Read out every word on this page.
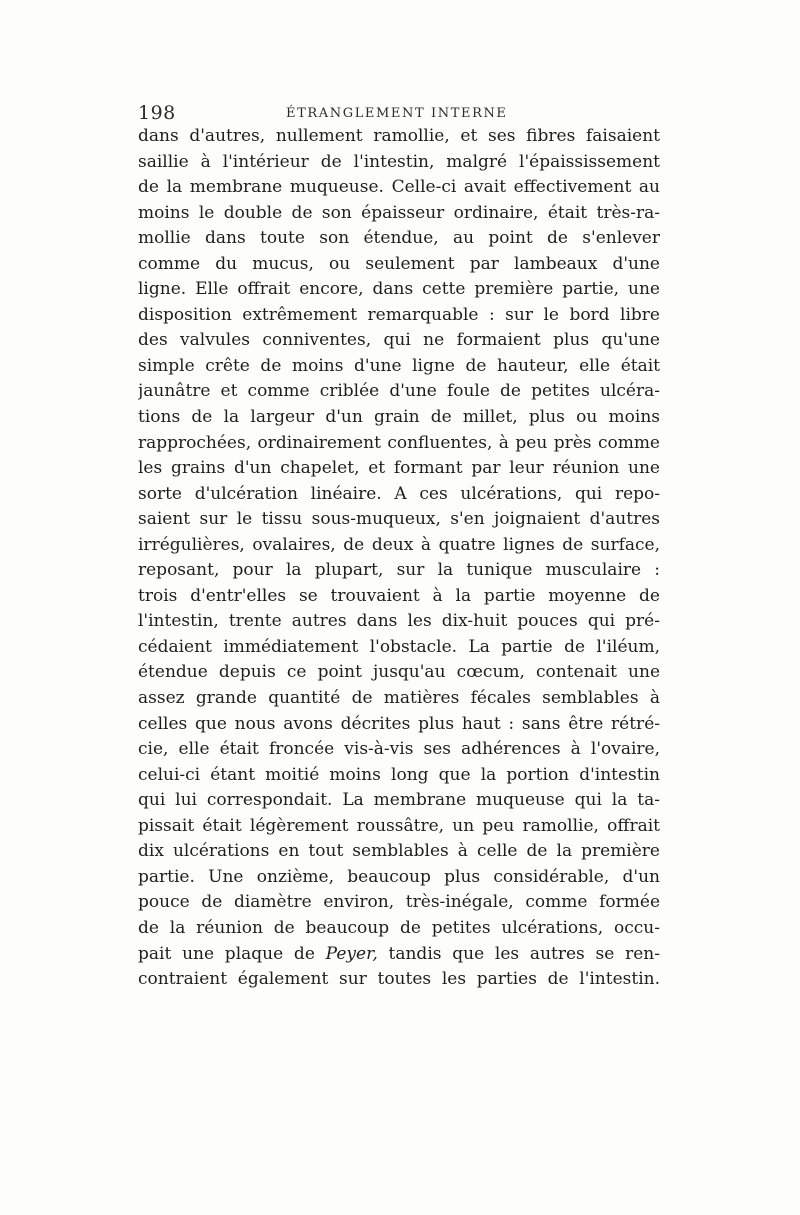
198	ÉTRANGLEMENT INTERNE
dans d'autres, nullement ramollie, et ses fibres faisaient
saillie à l'intérieur de l'intestin, malgré l'épaississement
de la membrane muqueuse. Celle-ci avait effectivement au
moins le double de son épaisseur ordinaire, était très-ra-
mollie dans toute son étendue, au point de s'enlever
comme du mucus, ou seulement par lambeaux d'une
ligne. Elle offrait encore, dans cette première partie, une
disposition extrêmement remarquable : sur le bord libre
des valvules conniventes, qui ne formaient plus qu'une
simple crête de moins d'une ligne de hauteur, elle était
jaunâtre et comme criblée d'une foule de petites ulcéra-
tions de la largeur d'un grain de millet, plus ou moins
rapprochées, ordinairement confluentes, à peu près comme
les grains d'un chapelet, et formant par leur réunion une
sorte d'ulcération linéaire. A ces ulcérations, qui repo-
saient sur le tissu sous-muqueux, s'en joignaient d'autres
irrégulières, ovalaires, de deux à quatre lignes de surface,
reposant, pour la plupart, sur la tunique musculaire :
trois d'entr'elles se trouvaient à la partie moyenne de
l'intestin, trente autres dans les dix-huit pouces qui pré-
cédaient immédiatement l'obstacle. La partie de l'iléum,
étendue depuis ce point jusqu'au cœcum, contenait une
assez grande quantité de matières fécales semblables à
celles que nous avons décrites plus haut : sans être rétré-
cie, elle était froncée vis-à-vis ses adhérences à l'ovaire,
celui-ci étant moitié moins long que la portion d'intestin
qui lui correspondait. La membrane muqueuse qui la ta-
pissait était légèrement roussâtre, un peu ramollie, offrait
dix ulcérations en tout semblables à celle de la première
partie. Une onzième, beaucoup plus considérable, d'un
pouce de diamètre environ, très-inégale, comme formée
de la réunion de beaucoup de petites ulcérations, occu-
pait une plaque de Peyer, tandis que les autres se ren-
contraient également sur toutes les parties de l'intestin.
